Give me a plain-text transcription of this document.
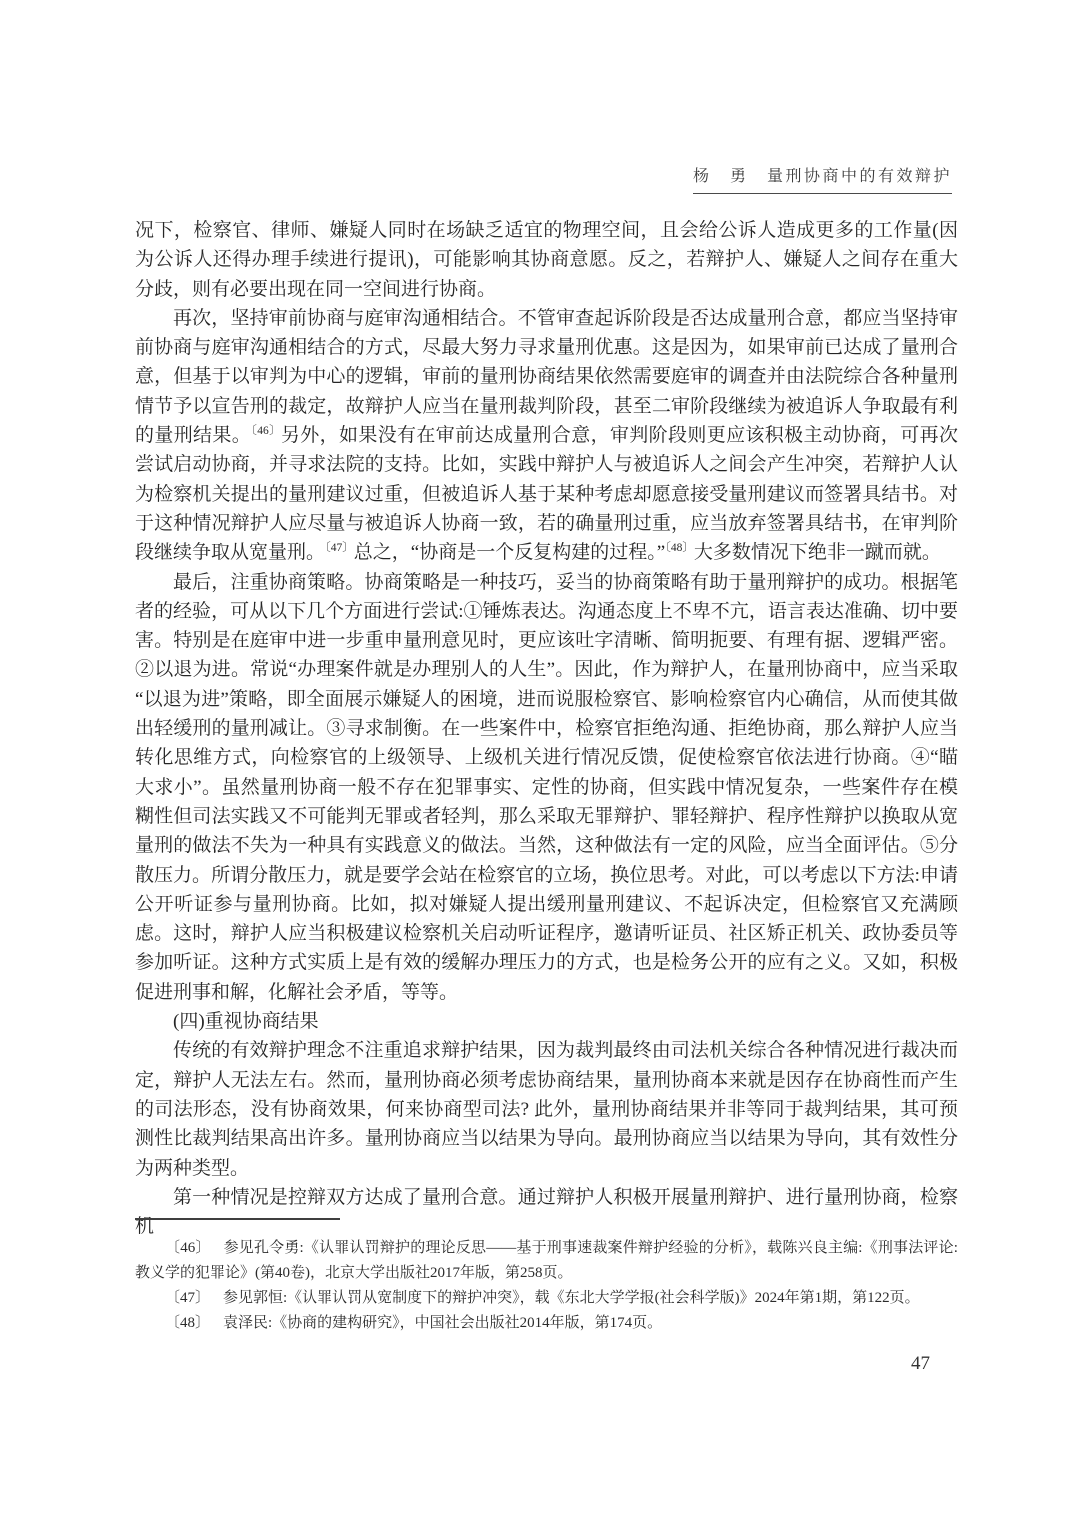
杨　勇　量刑协商中的有效辩护

况下，检察官、律师、嫌疑人同时在场缺乏适宜的物理空间，且会给公诉人造成更多的工作量(因为公诉人还得办理手续进行提讯)，可能影响其协商意愿。反之，若辩护人、嫌疑人之间存在重大分歧，则有必要出现在同一空间进行协商。

再次，坚持审前协商与庭审沟通相结合。不管审查起诉阶段是否达成量刑合意，都应当坚持审前协商与庭审沟通相结合的方式，尽最大努力寻求量刑优惠。这是因为，如果审前已达成了量刑合意，但基于以审判为中心的逻辑，审前的量刑协商结果依然需要庭审的调查并由法院综合各种量刑情节予以宣告刑的裁定，故辩护人应当在量刑裁判阶段，甚至二审阶段继续为被追诉人争取最有利的量刑结果。$^{〔46〕}$另外，如果没有在审前达成量刑合意，审判阶段则更应该积极主动协商，可再次尝试启动协商，并寻求法院的支持。比如，实践中辩护人与被追诉人之间会产生冲突，若辩护人认为检察机关提出的量刑建议过重，但被追诉人基于某种考虑却愿意接受量刑建议而签署具结书。对于这种情况辩护人应尽量与被追诉人协商一致，若的确量刑过重，应当放弃签署具结书，在审判阶段继续争取从宽量刑。$^{〔47〕}$总之，“协商是一个反复构建的过程。”$^{〔48〕}$大多数情况下绝非一蹴而就。

最后，注重协商策略。协商策略是一种技巧，妥当的协商策略有助于量刑辩护的成功。根据笔者的经验，可从以下几个方面进行尝试:①锤炼表达。沟通态度上不卑不亢，语言表达准确、切中要害。特别是在庭审中进一步重申量刑意见时，更应该吐字清晰、简明扼要、有理有据、逻辑严密。②以退为进。常说“办理案件就是办理别人的人生”。因此，作为辩护人，在量刑协商中，应当采取“以退为进”策略，即全面展示嫌疑人的困境，进而说服检察官、影响检察官内心确信，从而使其做出轻缓刑的量刑减让。③寻求制衡。在一些案件中，检察官拒绝沟通、拒绝协商，那么辩护人应当转化思维方式，向检察官的上级领导、上级机关进行情况反馈，促使检察官依法进行协商。④“瞄大求小”。虽然量刑协商一般不存在犯罪事实、定性的协商，但实践中情况复杂，一些案件存在模糊性但司法实践又不可能判无罪或者轻判，那么采取无罪辩护、罪轻辩护、程序性辩护以换取从宽量刑的做法不失为一种具有实践意义的做法。当然，这种做法有一定的风险，应当全面评估。⑤分散压力。所谓分散压力，就是要学会站在检察官的立场，换位思考。对此，可以考虑以下方法:申请公开听证参与量刑协商。比如，拟对嫌疑人提出缓刑量刑建议、不起诉决定，但检察官又充满顾虑。这时，辩护人应当积极建议检察机关启动听证程序，邀请听证员、社区矫正机关、政协委员等参加听证。这种方式实质上是有效的缓解办理压力的方式，也是检务公开的应有之义。又如，积极促进刑事和解，化解社会矛盾，等等。

(四)重视协商结果

传统的有效辩护理念不注重追求辩护结果，因为裁判最终由司法机关综合各种情况进行裁决而定，辩护人无法左右。然而，量刑协商必须考虑协商结果，量刑协商本来就是因存在协商性而产生的司法形态，没有协商效果，何来协商型司法? 此外，量刑协商结果并非等同于裁判结果，其可预测性比裁判结果高出许多。量刑协商应当以结果为导向。最刑协商应当以结果为导向，其有效性分为两种类型。

第一种情况是控辩双方达成了量刑合意。通过辩护人积极开展量刑辩护、进行量刑协商，检察机

〔46〕 参见孔令勇:《认罪认罚辩护的理论反思——基于刑事速裁案件辩护经验的分析》，载陈兴良主编:《刑事法评论:教义学的犯罪论》(第40卷)，北京大学出版社2017年版，第258页。

〔47〕 参见郭恒:《认罪认罚从宽制度下的辩护冲突》，载《东北大学学报(社会科学版)》2024年第1期，第122页。

〔48〕 袁泽民:《协商的建构研究》，中国社会出版社2014年版，第174页。

47
